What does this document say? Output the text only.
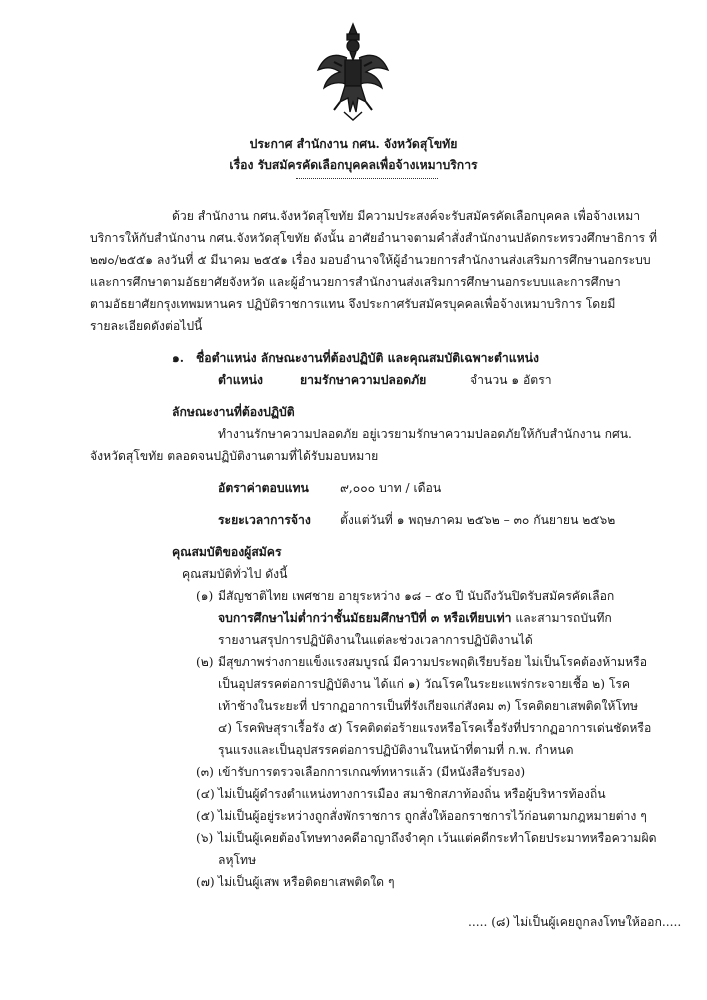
ประกาศ สำนักงาน กศน. จังหวัดสุโขทัย
เรื่อง รับสมัครคัดเลือกบุคคลเพื่อจ้างเหมาบริการ
ด้วย สำนักงาน กศน.จังหวัดสุโขทัย มีความประสงค์จะรับสมัครคัดเลือกบุคคล เพื่อจ้างเหมา
บริการให้กับสำนักงาน กศน.จังหวัดสุโขทัย ดังนั้น อาศัยอำนาจตามคำสั่งสำนักงานปลัดกระทรวงศึกษาธิการ ที่
๒๗๐/๒๕๕๑ ลงวันที่ ๕ มีนาคม ๒๕๕๑ เรื่อง มอบอำนาจให้ผู้อำนวยการสำนักงานส่งเสริมการศึกษานอกระบบ
และการศึกษาตามอัธยาศัยจังหวัด และผู้อำนวยการสำนักงานส่งเสริมการศึกษานอกระบบและการศึกษา
ตามอัธยาศัยกรุงเทพมหานคร ปฏิบัติราชการแทน จึงประกาศรับสมัครบุคคลเพื่อจ้างเหมาบริการ โดยมี
รายละเอียดดังต่อไปนี้
๑. ชื่อตำแหน่ง ลักษณะงานที่ต้องปฏิบัติ และคุณสมบัติเฉพาะตำแหน่ง
ตำแหน่ง	ยามรักษาความปลอดภัย	จำนวน ๑ อัตรา
ลักษณะงานที่ต้องปฏิบัติ
ทำงานรักษาความปลอดภัย อยู่เวรยามรักษาความปลอดภัยให้กับสำนักงาน กศน.
จังหวัดสุโขทัย ตลอดจนปฏิบัติงานตามที่ได้รับมอบหมาย
อัตราค่าตอบแทน	๙,๐๐๐ บาท / เดือน
ระยะเวลาการจ้าง ตั้งแต่วันที่ ๑ พฤษภาคม ๒๕๖๒ – ๓๐ กันยายน ๒๕๖๒
คุณสมบัติของผู้สมัคร
คุณสมบัติทั่วไป ดังนี้
(๑) มีสัญชาติไทย เพศชาย อายุระหว่าง ๑๘ – ๕๐ ปี นับถึงวันปิดรับสมัครคัดเลือก
จบการศึกษาไม่ต่ำกว่าชั้นมัธยมศึกษาปีที่ ๓ หรือเทียบเท่า และสามารถบันทึก
รายงานสรุปการปฏิบัติงานในแต่ละช่วงเวลาการปฏิบัติงานได้
(๒) มีสุขภาพร่างกายแข็งแรงสมบูรณ์ มีความประพฤติเรียบร้อย ไม่เป็นโรคต้องห้ามหรือ
เป็นอุปสรรคต่อการปฏิบัติงาน ได้แก่ ๑) วัณโรคในระยะแพร่กระจายเชื้อ ๒) โรค
เท้าช้างในระยะที่ ปรากฏอาการเป็นที่รังเกียจแก่สังคม ๓) โรคติดยาเสพติดให้โทษ
๔) โรคพิษสุราเรื้อรัง ๕) โรคติดต่อร้ายแรงหรือโรคเรื้อรังที่ปรากฏอาการเด่นชัดหรือ
รุนแรงและเป็นอุปสรรคต่อการปฏิบัติงานในหน้าที่ตามที่ ก.พ. กำหนด
(๓) เข้ารับการตรวจเลือกการเกณฑ์ทหารแล้ว (มีหนังสือรับรอง)
(๔) ไม่เป็นผู้ดำรงตำแหน่งทางการเมือง สมาชิกสภาท้องถิ่น หรือผู้บริหารท้องถิ่น
(๕) ไม่เป็นผู้อยู่ระหว่างถูกสั่งพักราชการ ถูกสั่งให้ออกราชการไว้ก่อนตามกฎหมายต่าง ๆ
(๖) ไม่เป็นผู้เคยต้องโทษทางคดีอาญาถึงจำคุก เว้นแต่คดีกระทำโดยประมาทหรือความผิด
ลหุโทษ
(๗) ไม่เป็นผู้เสพ หรือติดยาเสพติดใด ๆ
..... (๘) ไม่เป็นผู้เคยถูกลงโทษให้ออก.....
